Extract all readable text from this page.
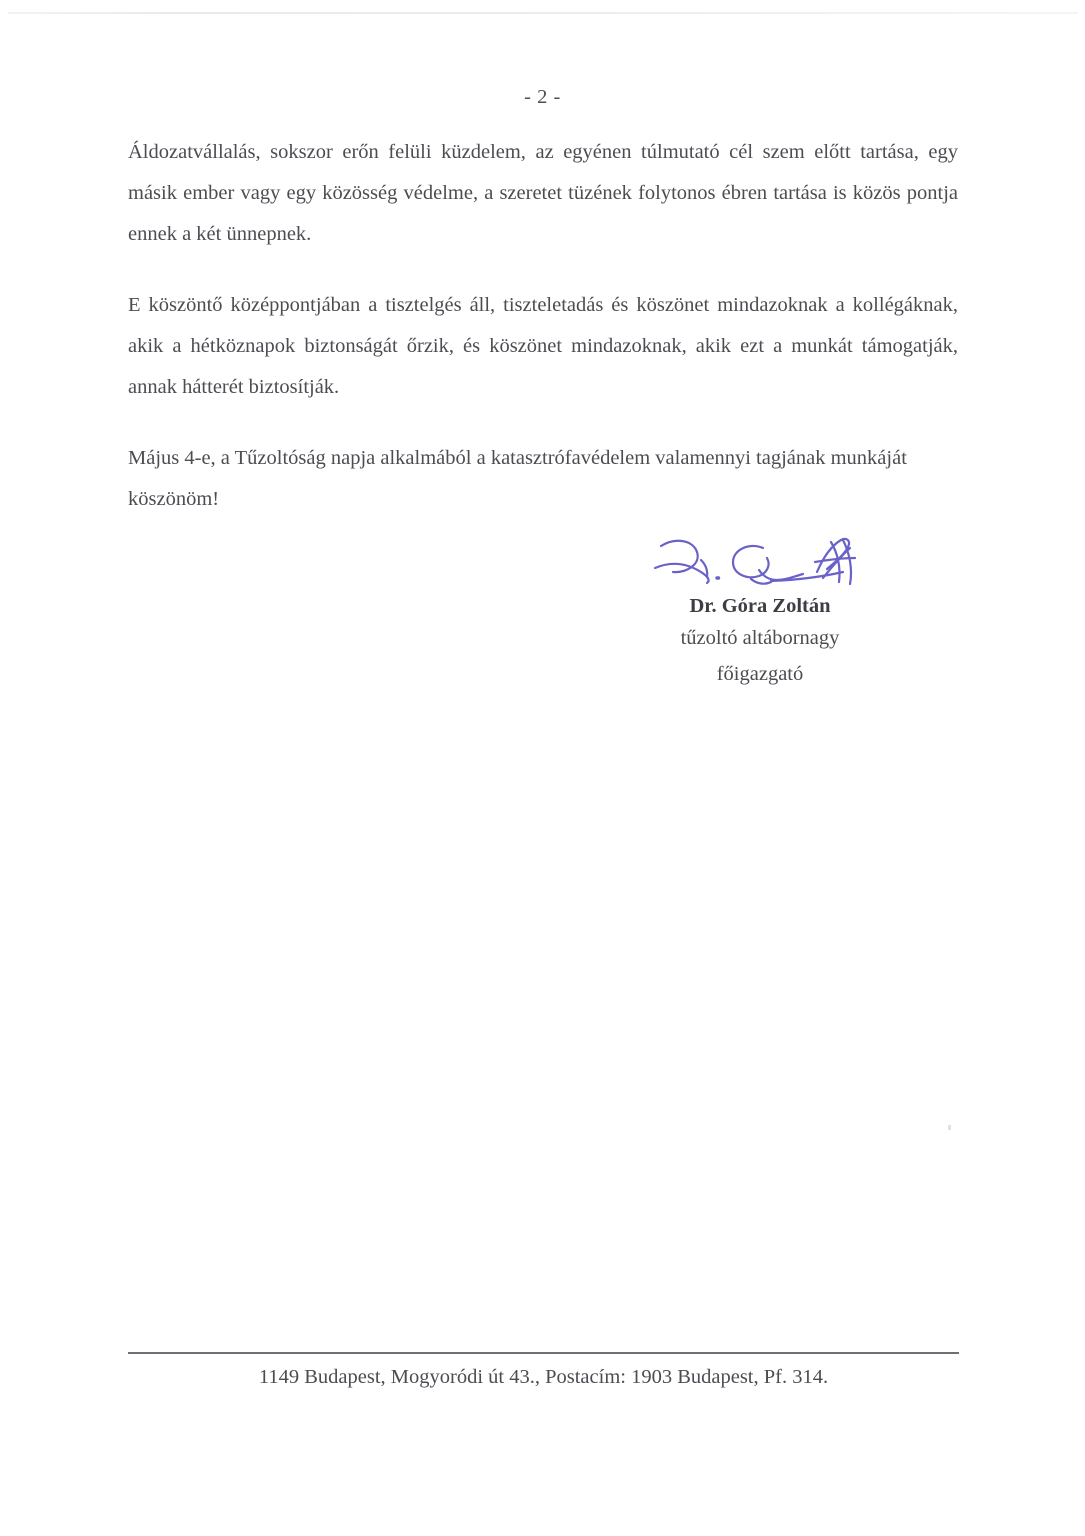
- 2 -

Áldozatvállalás, sokszor erőn felüli küzdelem, az egyénen túlmutató cél szem előtt tartása, egy másik ember vagy egy közösség védelme, a szeretet tüzének folytonos ébren tartása is közös pontja ennek a két ünnepnek.

E köszöntő középpontjában a tisztelgés áll, tiszteletadás és köszönet mindazoknak a kollégáknak, akik a hétköznapok biztonságát őrzik, és köszönet mindazoknak, akik ezt a munkát támogatják, annak hátterét biztosítják.

Május 4-e, a Tűzoltóság napja alkalmából a katasztrófavédelem valamennyi tagjának munkáját köszönöm!

Dr. Góra Zoltán
tűzoltó altábornagy
főigazgató
1149 Budapest, Mogyoródi út 43., Postacím: 1903 Budapest, Pf. 314.
